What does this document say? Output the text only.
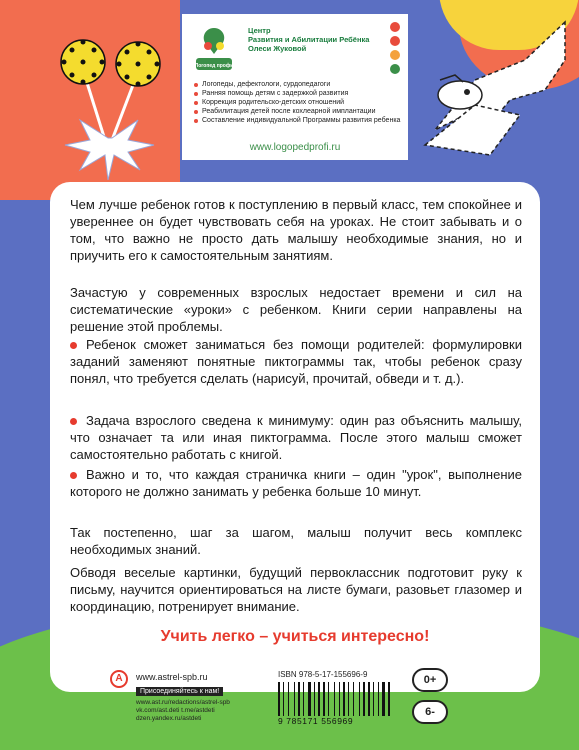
Логопед профи
Центр
Развития и Абилитации Ребёнка
Олеси Жуковой
Логопеды, дефектологи, сурдопедагоги
Ранняя помощь детям с задержкой развития
Коррекция родительско-детских отношений
Реабилитация детей после кохлеарной имплантации
Составление индивидуальной Программы развития ребенка
www.logopedprofi.ru

Чем лучше ребенок готов к поступлению в первый класс, тем спокойнее и увереннее он будет чувствовать себя на уроках. Не стоит забывать и о том, что важно не просто дать малышу необходимые знания, но и приучить его к самостоятельным занятиям.

Зачастую у современных взрослых недостает времени и сил на систематические «уроки» с ребенком. Книги серии направлены на решение этой проблемы.

Ребенок сможет заниматься без помощи родителей: формулировки заданий заменяют понятные пиктограммы так, чтобы ребенок сразу понял, что требуется сделать (нарисуй, прочитай, обведи и т. д.).

Задача взрослого сведена к минимуму: один раз объяснить малышу, что означает та или иная пиктограмма. После этого малыш сможет самостоятельно работать с книгой.

Важно и то, что каждая страничка книги – один "урок", выполнение которого не должно занимать у ребенка больше 10 минут.

Так постепенно, шаг за шагом, малыш получит весь комплекс необходимых знаний.

Обводя веселые картинки, будущий первоклассник подготовит руку к письму, научится ориентироваться на листе бумаги, разовьет глазомер и координацию, потренирует внимание.

Учить легко – учиться интересно!
А	www.astrel-spb.ru
Присоединяйтесь к нам!
www.ast.ru/redactions/astrel-spb
vk.com/ast.deti t.me/astdeti
dzen.yandex.ru/astdeti
ISBN 978-5-17-155696-9
9 785171 556969
0+
6-
